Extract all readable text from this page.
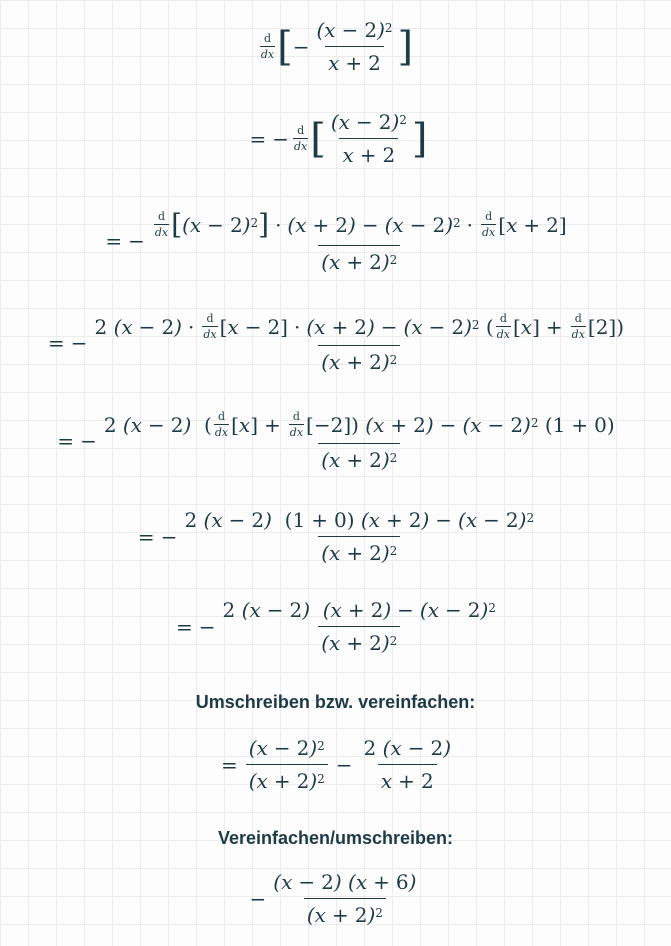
d
dx [ − $\frac{(x - 2 )^2}{x + 2}$ ]
= − $\frac{d}{dx}$ [ $\frac{(x - 2 )^2}{x + 2}$ ]
= −
d
dx [ (x − 2 )$^2$ ] · (x + 2 ) − (x − 2 )$^2$ · d
dx [ x + 2]
(x + 2 )$^2$
= −
2 (x − 2 ) · d
dx [ x − 2] · (x + 2 ) − (x − 2 )$^2$
( d
dx [ x ] + $\frac{d}{dx} [2]$)
(x + 2 )$^2$
= −
2 (x − 2 ) ( d
dx [ x ] + $\frac{d}{dx} [-2]$) (x + 2 ) − (x − 2 )$^2$
(1 + 0)
(x + 2 )$^2$
= −
2 (x − 2 ) (1 + 0) (x + 2 ) − (x − 2 )$^2$
(x + 2 )$^2$
= − $\frac{2 (x - 2 ) (x + 2 ) - (x - 2 )^2}{(x + 2 )^2}$
Umschreiben bzw. vereinfachen:
= $\frac{(x - 2 )^2}{(x + 2 )^2} - \frac{2 (x - 2 )}{x + 2}$
Vereinfachen/umschreiben:
− $\frac{(x - 2 ) (x + 6 )}{(x + 2 )^2}$
